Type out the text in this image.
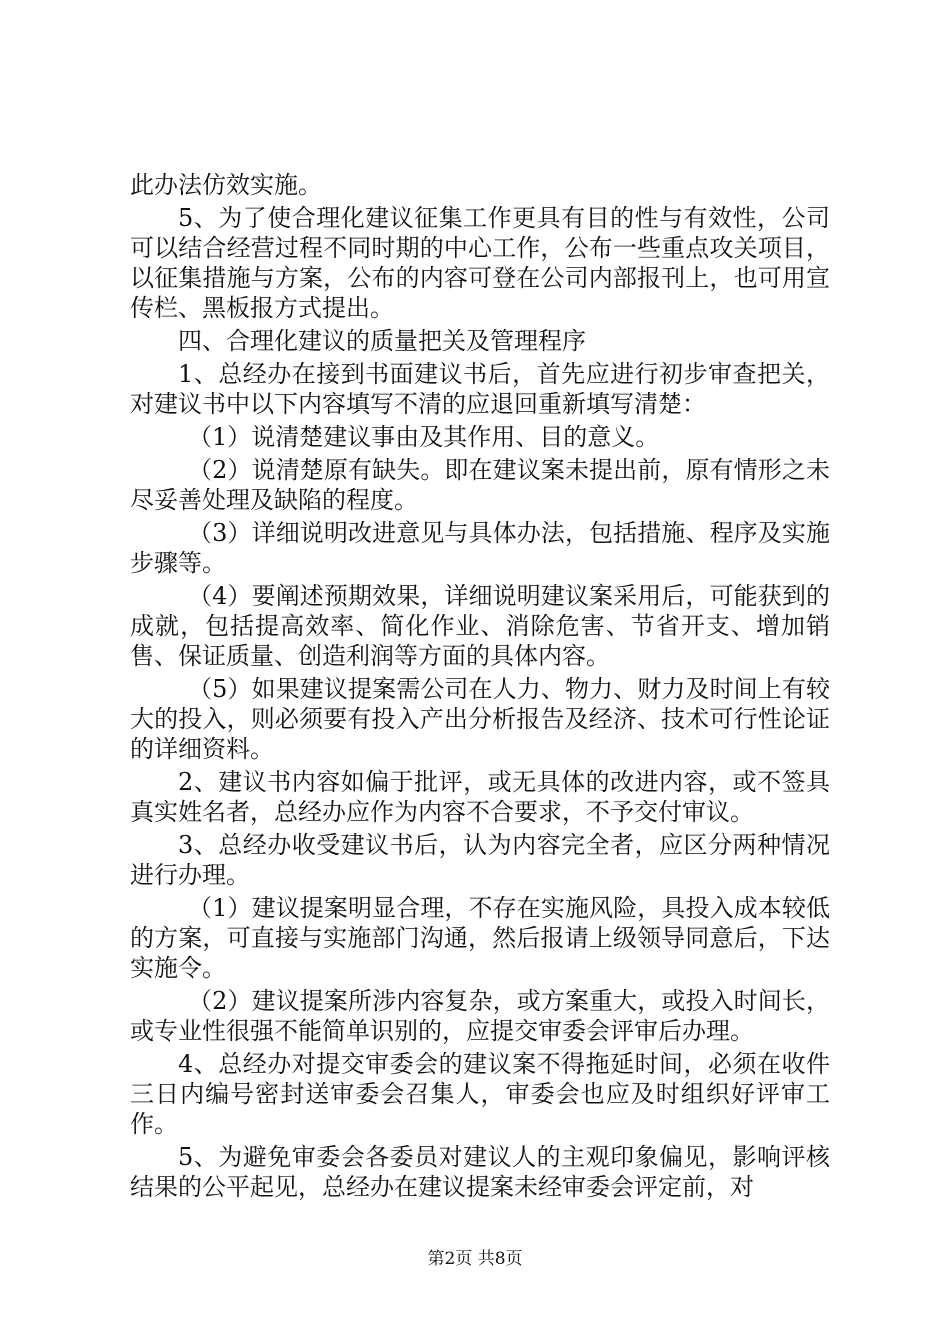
此办法仿效实施。

5、为了使合理化建议征集工作更具有目的性与有效性，公司可以结合经营过程不同时期的中心工作，公布一些重点攻关项目，以征集措施与方案，公布的内容可登在公司内部报刊上，也可用宣传栏、黑板报方式提出。

四、合理化建议的质量把关及管理程序

1、总经办在接到书面建议书后，首先应进行初步审查把关，对建议书中以下内容填写不清的应退回重新填写清楚：

（1）说清楚建议事由及其作用、目的意义。

（2）说清楚原有缺失。即在建议案未提出前，原有情形之未尽妥善处理及缺陷的程度。

（3）详细说明改进意见与具体办法，包括措施、程序及实施步骤等。

（4）要阐述预期效果，详细说明建议案采用后，可能获到的成就，包括提高效率、简化作业、消除危害、节省开支、增加销售、保证质量、创造利润等方面的具体内容。

（5）如果建议提案需公司在人力、物力、财力及时间上有较大的投入，则必须要有投入产出分析报告及经济、技术可行性论证的详细资料。

2、建议书内容如偏于批评，或无具体的改进内容，或不签具真实姓名者，总经办应作为内容不合要求，不予交付审议。

3、总经办收受建议书后，认为内容完全者，应区分两种情况进行办理。

（1）建议提案明显合理，不存在实施风险，具投入成本较低的方案，可直接与实施部门沟通，然后报请上级领导同意后，下达实施令。

（2）建议提案所涉内容复杂，或方案重大，或投入时间长，或专业性很强不能简单识别的，应提交审委会评审后办理。

4、总经办对提交审委会的建议案不得拖延时间，必须在收件三日内编号密封送审委会召集人，审委会也应及时组织好评审工作。

5、为避免审委会各委员对建议人的主观印象偏见，影响评核结果的公平起见，总经办在建议提案未经审委会评定前，对

第2页 共8页
